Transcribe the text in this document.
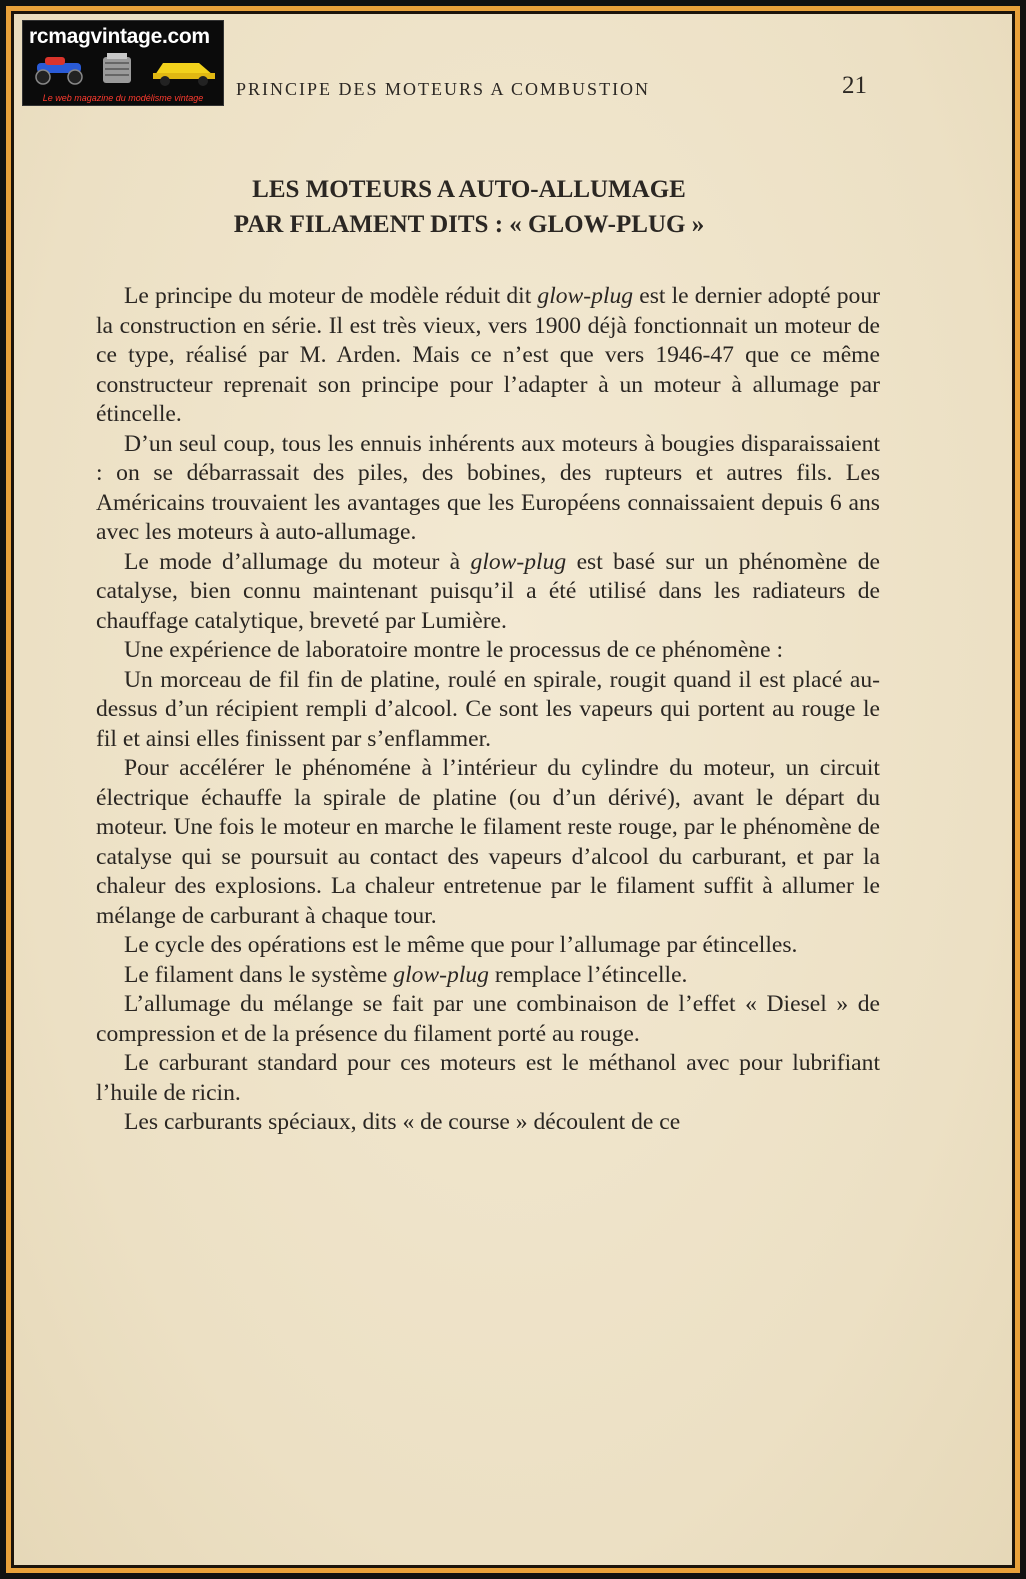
rcmagvintage.com
Le web magazine du modélisme vintage	PRINCIPE DES MOTEURS A COMBUSTION	21
LES MOTEURS A AUTO-ALLUMAGE
PAR FILAMENT DITS : « GLOW-PLUG »

Le principe du moteur de modèle réduit dit glow-plug est le dernier adopté pour la construction en série. Il est très vieux, vers 1900 déjà fonctionnait un moteur de ce type, réalisé par M. Arden. Mais ce n’est que vers 1946-47 que ce même constructeur reprenait son principe pour l’adapter à un moteur à allumage par étincelle.

D’un seul coup, tous les ennuis inhérents aux moteurs à bougies disparaissaient : on se débarrassait des piles, des bobines, des rupteurs et autres fils. Les Américains trouvaient les avantages que les Européens connaissaient depuis 6 ans avec les moteurs à auto-allumage.

Le mode d’allumage du moteur à glow-plug est basé sur un phénomène de catalyse, bien connu maintenant puisqu’il a été utilisé dans les radiateurs de chauffage catalytique, breveté par Lumière.

Une expérience de laboratoire montre le processus de ce phénomène :

Un morceau de fil fin de platine, roulé en spirale, rougit quand il est placé au-dessus d’un récipient rempli d’alcool. Ce sont les vapeurs qui portent au rouge le fil et ainsi elles finissent par s’enflammer.

Pour accélérer le phénoméne à l’intérieur du cylindre du moteur, un circuit électrique échauffe la spirale de platine (ou d’un dérivé), avant le départ du moteur. Une fois le moteur en marche le filament reste rouge, par le phénomène de catalyse qui se poursuit au contact des vapeurs d’alcool du carburant, et par la chaleur des explosions. La chaleur entretenue par le filament suffit à allumer le mélange de carburant à chaque tour.

Le cycle des opérations est le même que pour l’allumage par étincelles.

Le filament dans le système glow-plug remplace l’étincelle.

L’allumage du mélange se fait par une combinaison de l’effet « Diesel » de compression et de la présence du filament porté au rouge.

Le carburant standard pour ces moteurs est le méthanol avec pour lubrifiant l’huile de ricin.

Les carburants spéciaux, dits « de course » découlent de ce
